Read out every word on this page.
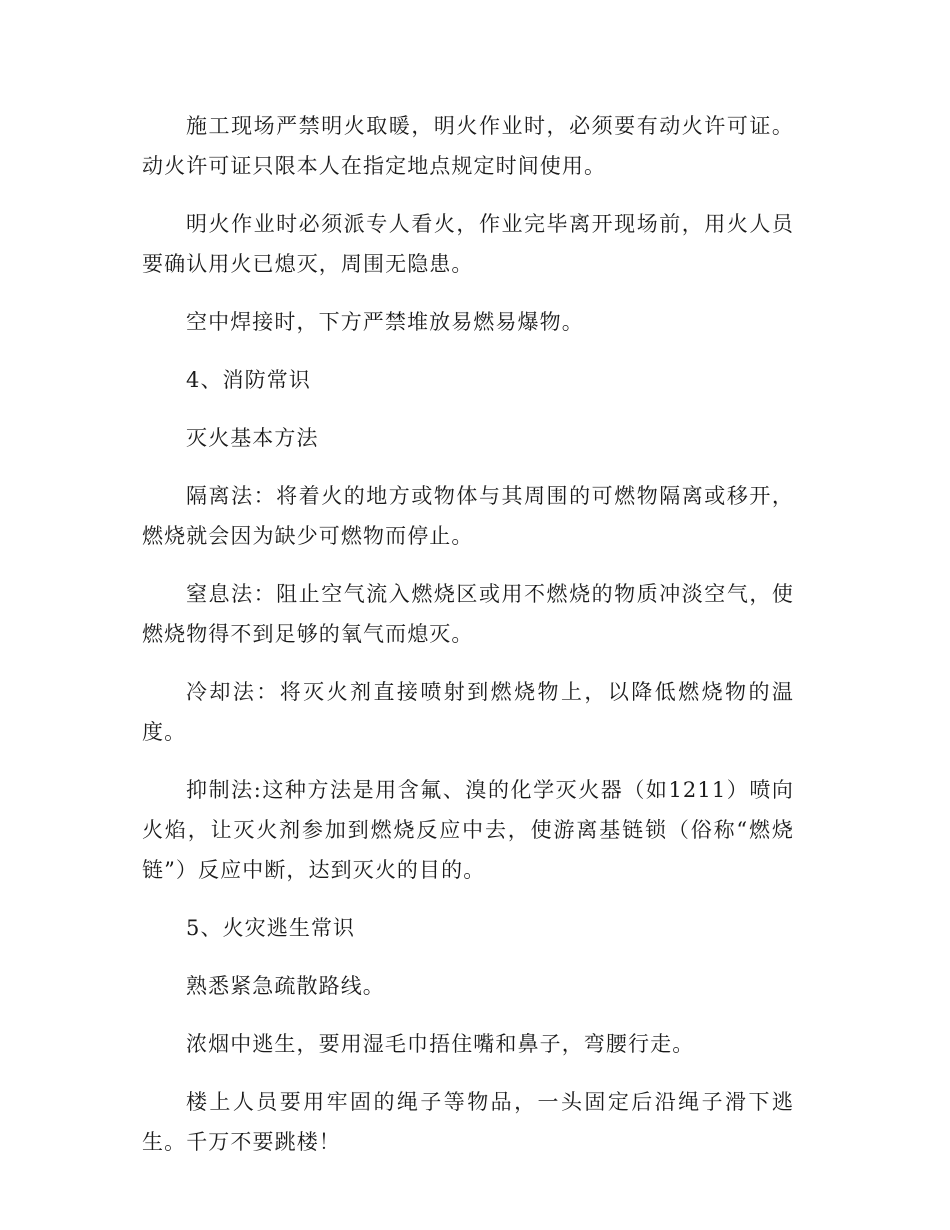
施工现场严禁明火取暖，明火作业时，必须要有动火许可证。动火许可证只限本人在指定地点规定时间使用。

明火作业时必须派专人看火，作业完毕离开现场前，用火人员要确认用火已熄灭，周围无隐患。

空中焊接时，下方严禁堆放易燃易爆物。

4、消防常识

灭火基本方法

隔离法：将着火的地方或物体与其周围的可燃物隔离或移开，燃烧就会因为缺少可燃物而停止。

窒息法：阻止空气流入燃烧区或用不燃烧的物质冲淡空气，使燃烧物得不到足够的氧气而熄灭。

冷却法：将灭火剂直接喷射到燃烧物上，以降低燃烧物的温度。

抑制法:这种方法是用含氟、溴的化学灭火器（如1211）喷向火焰，让灭火剂参加到燃烧反应中去，使游离基链锁（俗称“燃烧链”）反应中断，达到灭火的目的。

5、火灾逃生常识

熟悉紧急疏散路线。

浓烟中逃生，要用湿毛巾捂住嘴和鼻子，弯腰行走。

楼上人员要用牢固的绳子等物品，一头固定后沿绳子滑下逃生。千万不要跳楼！
